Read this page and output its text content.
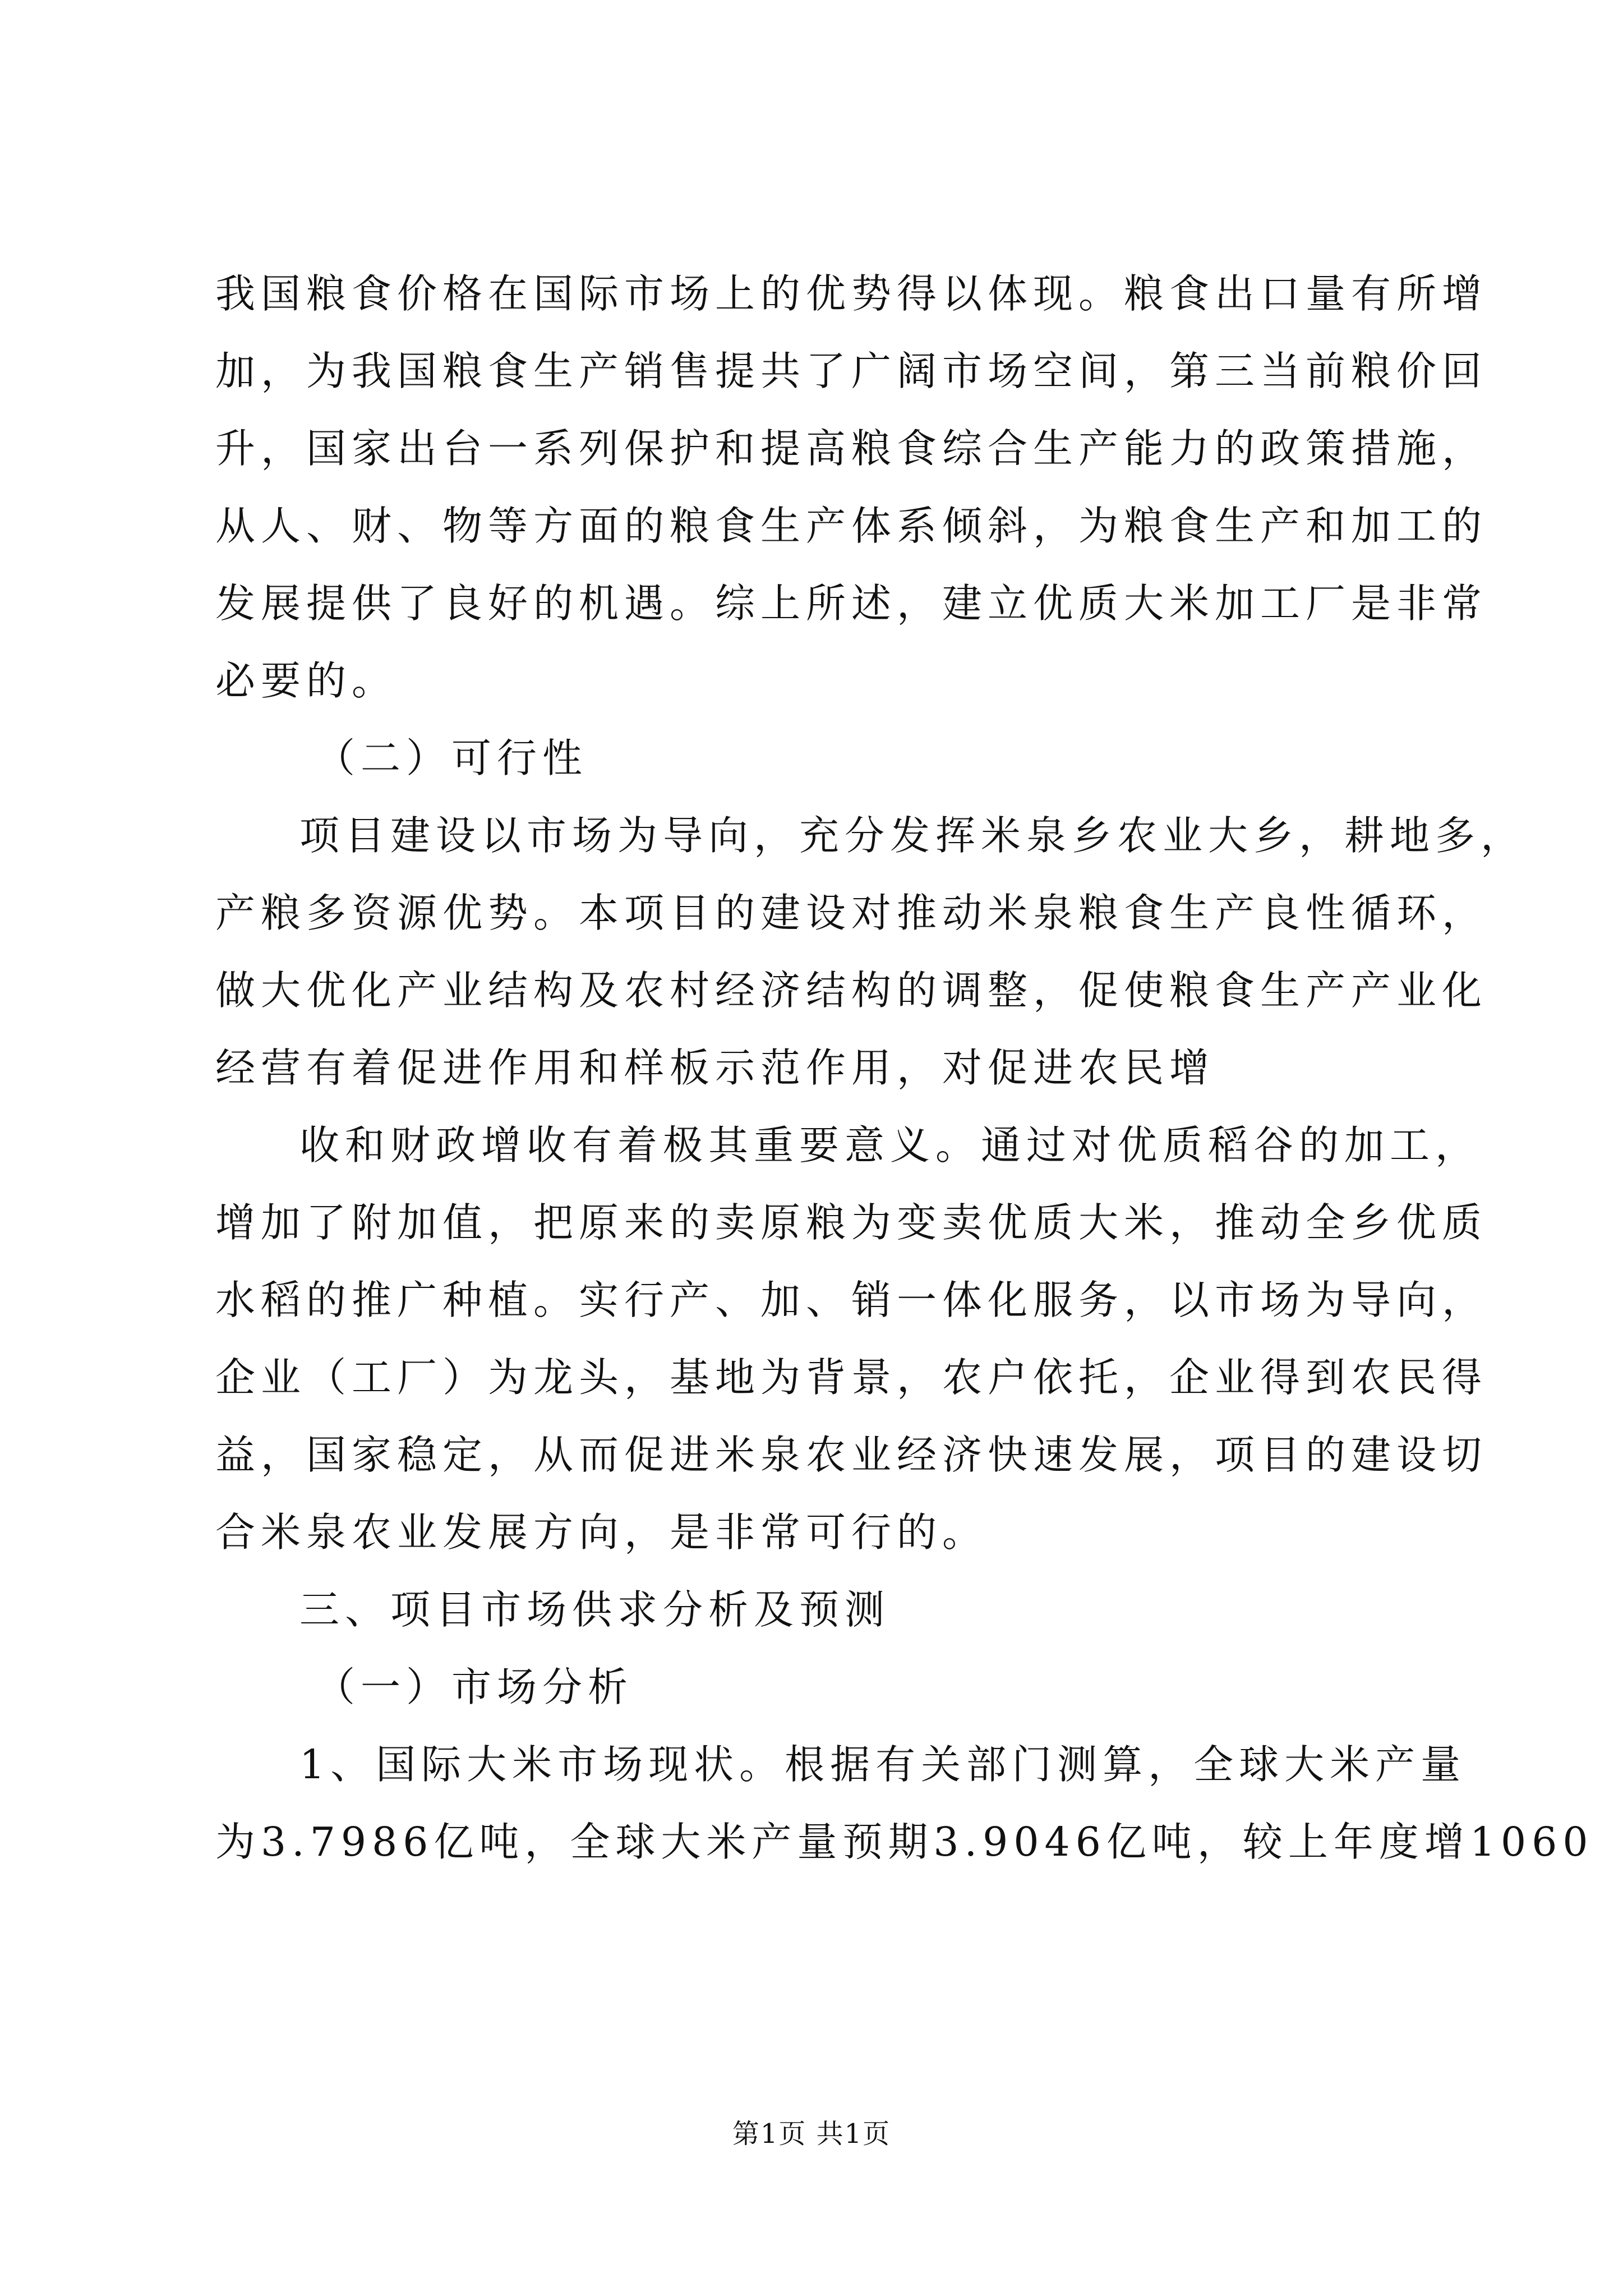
我国粮食价格在国际市场上的优势得以体现。粮食出口量有所增
加，为我国粮食生产销售提共了广阔市场空间，第三当前粮价回
升，国家出台一系列保护和提高粮食综合生产能力的政策措施，
从人、财、物等方面的粮食生产体系倾斜，为粮食生产和加工的
发展提供了良好的机遇。综上所述，建立优质大米加工厂是非常
必要的。
（二）可行性
项目建设以市场为导向，充分发挥米泉乡农业大乡，耕地多，
产粮多资源优势。本项目的建设对推动米泉粮食生产良性循环，
做大优化产业结构及农村经济结构的调整，促使粮食生产产业化
经营有着促进作用和样板示范作用，对促进农民增
收和财政增收有着极其重要意义。通过对优质稻谷的加工，
增加了附加值，把原来的卖原粮为变卖优质大米，推动全乡优质
水稻的推广种植。实行产、加、销一体化服务，以市场为导向，
企业（工厂）为龙头，基地为背景，农户依托，企业得到农民得
益，国家稳定，从而促进米泉农业经济快速发展，项目的建设切
合米泉农业发展方向，是非常可行的。
三、项目市场供求分析及预测
（一）市场分析
1、国际大米市场现状。根据有关部门测算，全球大米产量
为3.7986亿吨，全球大米产量预期3.9046亿吨，较上年度增1060
第1页 共1页
